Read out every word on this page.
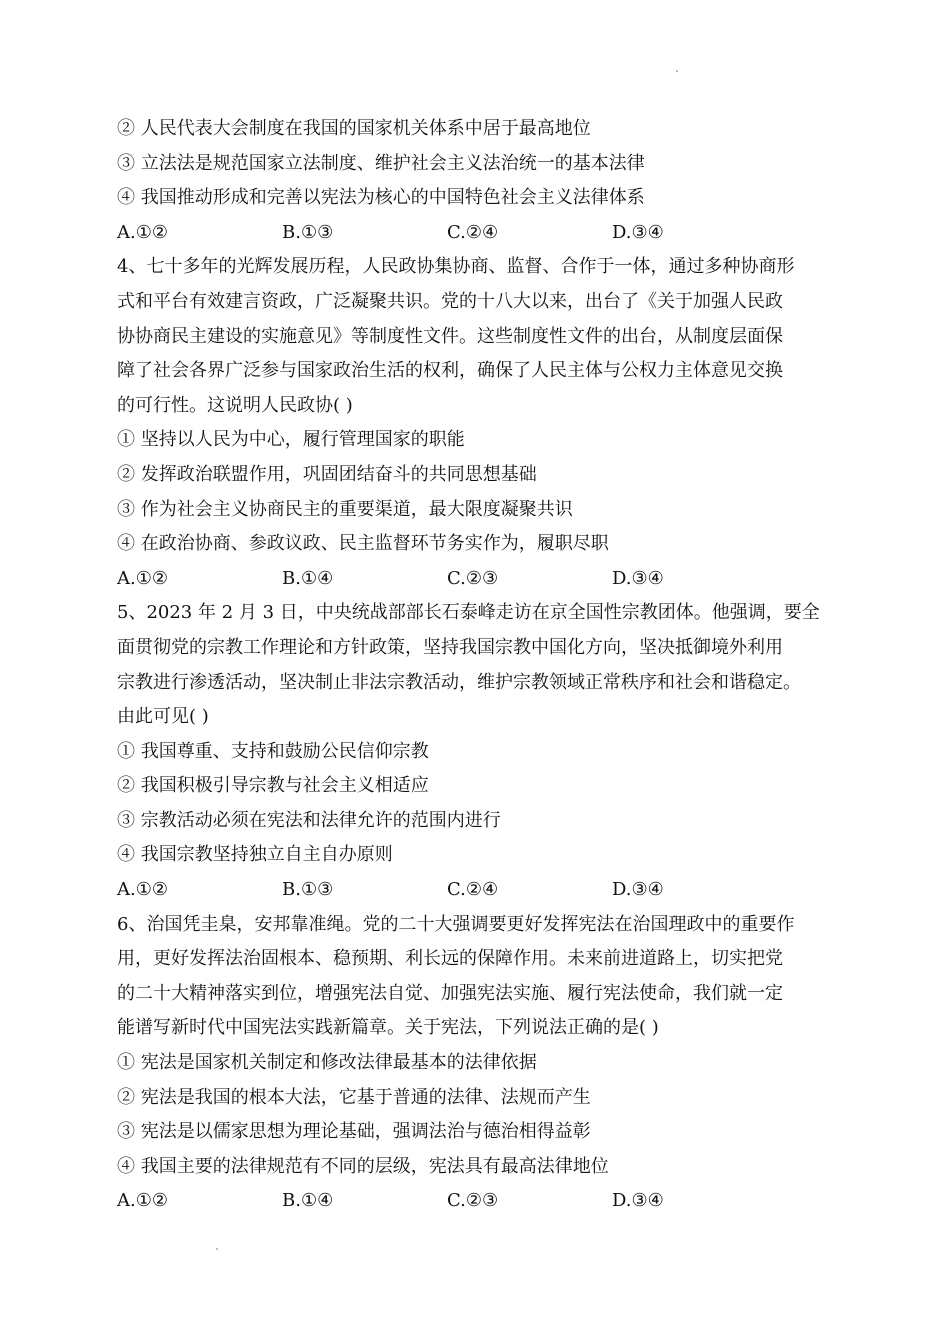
② 人民代表大会制度在我国的国家机关体系中居于最高地位

③ 立法法是规范国家立法制度、维护社会主义法治统一的基本法律

④ 我国推动形成和完善以宪法为核心的中国特色社会主义法律体系

A.①②	B.①③	C.②④	D.③④

4、七十多年的光辉发展历程，人民政协集协商、监督、合作于一体，通过多种协商形

式和平台有效建言资政，广泛凝聚共识。党的十八大以来，出台了《关于加强人民政

协协商民主建设的实施意见》等制度性文件。这些制度性文件的出台，从制度层面保

障了社会各界广泛参与国家政治生活的权利，确保了人民主体与公权力主体意见交换

的可行性。这说明人民政协( )

① 坚持以人民为中心，履行管理国家的职能

② 发挥政治联盟作用，巩固团结奋斗的共同思想基础

③ 作为社会主义协商民主的重要渠道，最大限度凝聚共识

④ 在政治协商、参政议政、民主监督环节务实作为，履职尽职

A.①②	B.①④	C.②③	D.③④

5、2023 年 2 月 3 日，中央统战部部长石泰峰走访在京全国性宗教团体。他强调，要全

面贯彻党的宗教工作理论和方针政策，坚持我国宗教中国化方向，坚决抵御境外利用

宗教进行渗透活动，坚决制止非法宗教活动，维护宗教领域正常秩序和社会和谐稳定。

由此可见( )

① 我国尊重、支持和鼓励公民信仰宗教

② 我国积极引导宗教与社会主义相适应

③ 宗教活动必须在宪法和法律允许的范围内进行

④ 我国宗教坚持独立自主自办原则

A.①②	B.①③	C.②④	D.③④

6、治国凭圭臬，安邦靠准绳。党的二十大强调要更好发挥宪法在治国理政中的重要作

用，更好发挥法治固根本、稳预期、利长远的保障作用。未来前进道路上，切实把党

的二十大精神落实到位，增强宪法自觉、加强宪法实施、履行宪法使命，我们就一定

能谱写新时代中国宪法实践新篇章。关于宪法，下列说法正确的是( )

① 宪法是国家机关制定和修改法律最基本的法律依据

② 宪法是我国的根本大法，它基于普通的法律、法规而产生

③ 宪法是以儒家思想为理论基础，强调法治与德治相得益彰

④ 我国主要的法律规范有不同的层级，宪法具有最高法律地位

A.①②	B.①④	C.②③	D.③④
